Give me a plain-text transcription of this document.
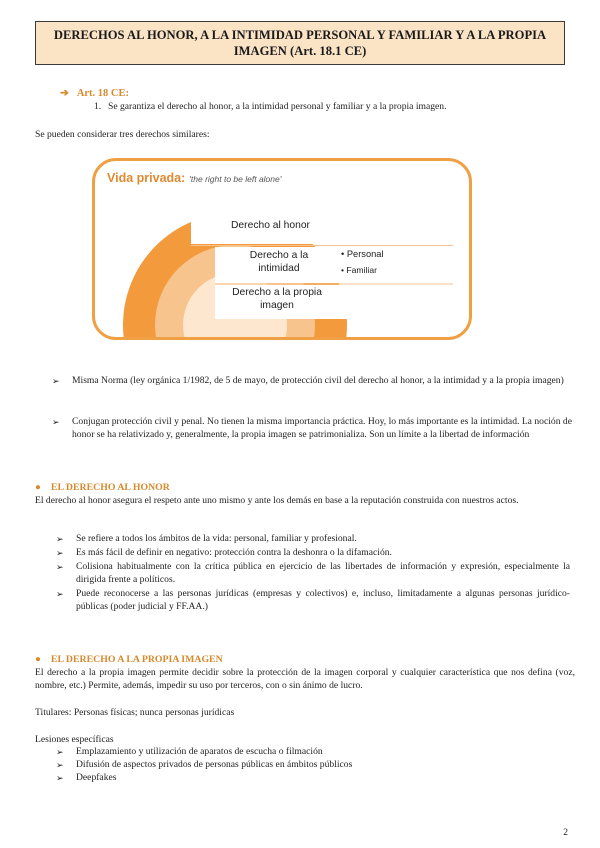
DERECHOS AL HONOR, A LA INTIMIDAD PERSONAL Y FAMILIAR Y A LA PROPIA IMAGEN (Art. 18.1 CE)
➔ Art. 18 CE:
1. Se garantiza el derecho al honor, a la intimidad personal y familiar y a la propia imagen.
Se pueden considerar tres derechos similares:
Vida privada: 'the right to be left alone'
Derecho al honor
Derecho a la intimidad
Derecho a la propia imagen
• Personal
• Familiar
➢ Misma Norma (ley orgánica 1/1982, de 5 de mayo, de protección civil del derecho al honor, a la intimidad y a la propia imagen)
➢ Conjugan protección civil y penal. No tienen la misma importancia práctica. Hoy, lo más importante es la intimidad. La noción de honor se ha relativizado y, generalmente, la propia imagen se patrimonializa. Son un límite a la libertad de información
● EL DERECHO AL HONOR
El derecho al honor asegura el respeto ante uno mismo y ante los demás en base a la reputación construida con nuestros actos.
➢ Se refiere a todos los ámbitos de la vida: personal, familiar y profesional.
➢ Es más fácil de definir en negativo: protección contra la deshonra o la difamación.
➢ Colisiona habitualmente con la crítica pública en ejercicio de las libertades de información y expresión, especialmente la dirigida frente a políticos.
➢ Puede reconocerse a las personas jurídicas (empresas y colectivos) e, incluso, limitadamente a algunas personas jurídico-públicas (poder judicial y FF.AA.)
● EL DERECHO A LA PROPIA IMAGEN
El derecho a la propia imagen permite decidir sobre la protección de la imagen corporal y cualquier característica que nos defina (voz, nombre, etc.) Permite, además, impedir su uso por terceros, con o sin ánimo de lucro.
Titulares: Personas físicas; nunca personas jurídicas
Lesiones específicas
➢ Emplazamiento y utilización de aparatos de escucha o filmación
➢ Difusión de aspectos privados de personas públicas en ámbitos públicos
➢ Deepfakes
2
